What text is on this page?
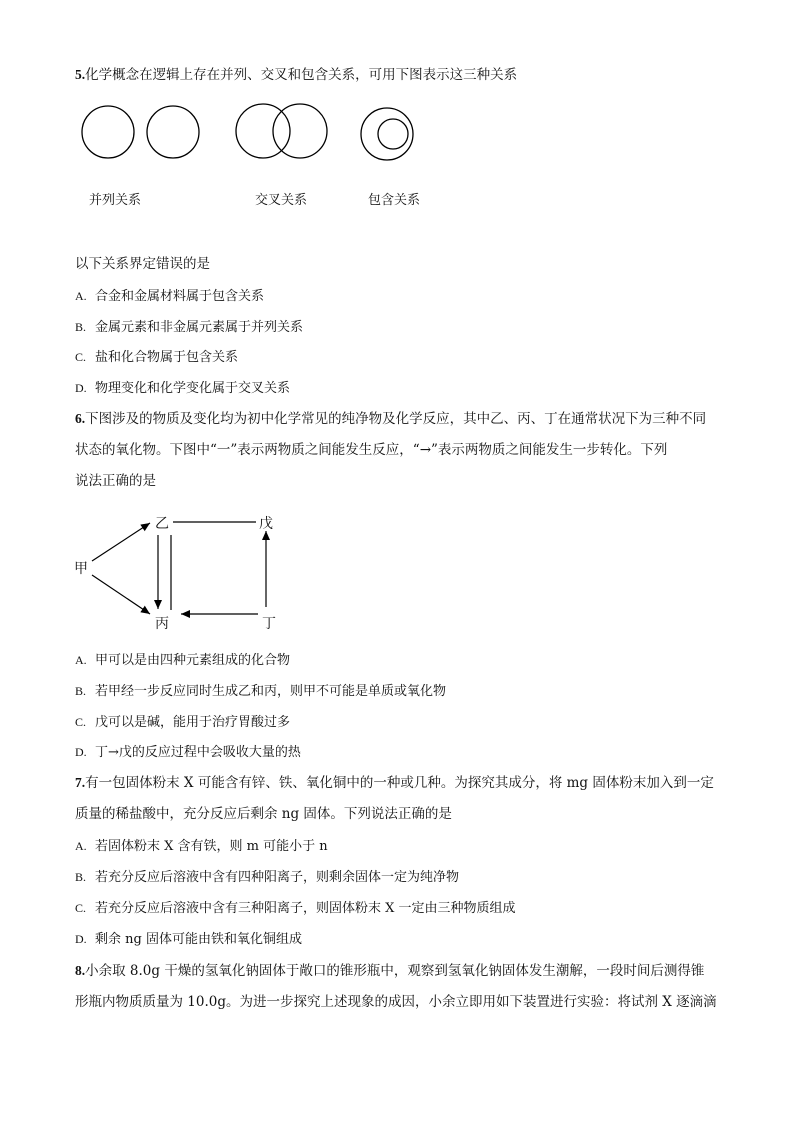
5.化学概念在逻辑上存在并列、交叉和包含关系，可用下图表示这三种关系
并列关系	交叉关系	包含关系
以下关系界定错误的是
A. 合金和金属材料属于包含关系
B. 金属元素和非金属元素属于并列关系
C. 盐和化合物属于包含关系
D. 物理变化和化学变化属于交叉关系
6.下图涉及的物质及变化均为初中化学常见的纯净物及化学反应，其中乙、丙、丁在通常状况下为三种不同
状态的氧化物。下图中“一”表示两物质之间能发生反应，“→”表示两物质之间能发生一步转化。下列
说法正确的是
甲
乙	戊
丙	丁
A. 甲可以是由四种元素组成的化合物
B. 若甲经一步反应同时生成乙和丙，则甲不可能是单质或氧化物
C. 戊可以是碱，能用于治疗胃酸过多
D. 丁→戊的反应过程中会吸收大量的热
7.有一包固体粉末 X 可能含有锌、铁、氧化铜中的一种或几种。为探究其成分，将 mg 固体粉末加入到一定
质量的稀盐酸中，充分反应后剩余 ng 固体。下列说法正确的是
A. 若固体粉末 X 含有铁，则 m 可能小于 n
B. 若充分反应后溶液中含有四种阳离子，则剩余固体一定为纯净物
C. 若充分反应后溶液中含有三种阳离子，则固体粉末 X 一定由三种物质组成
D. 剩余 ng 固体可能由铁和氧化铜组成
8.小余取 8.0g 干燥的氢氧化钠固体于敞口的锥形瓶中，观察到氢氧化钠固体发生潮解，一段时间后测得锥
形瓶内物质质量为 10.0g。为进一步探究上述现象的成因，小余立即用如下装置进行实验：将试剂 X 逐滴滴
